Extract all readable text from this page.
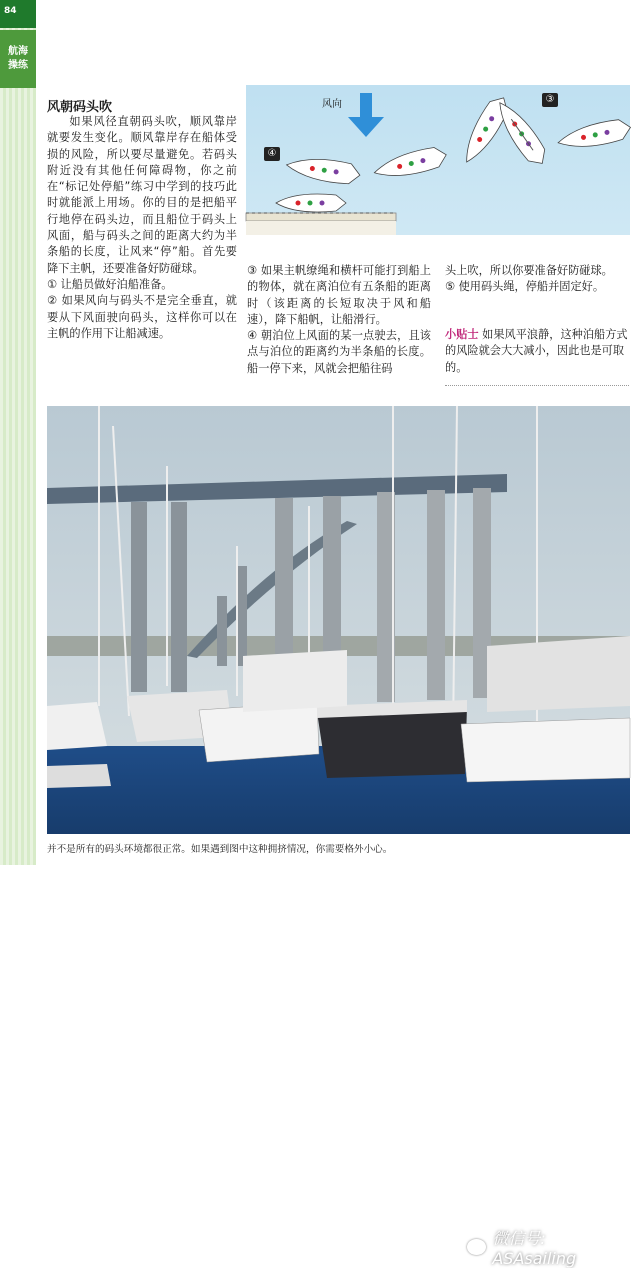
84
航海
操练
风朝码头吹

如果风径直朝码头吹，顺风靠岸就要发生变化。顺风靠岸存在船体受损的风险，所以要尽量避免。若码头附近没有其他任何障碍物，你之前在“标记处停船”练习中学到的技巧此时就能派上用场。你的目的是把船平行地停在码头边，而且船位于码头上风面，船与码头之间的距离大约为半条船的长度，让风来“停”船。首先要降下主帆，还要准备好防碰球。

① 让船员做好泊船准备。

② 如果风向与码头不是完全垂直，就要从下风面驶向码头，这样你可以在主帆的作用下让船减速。

③ 如果主帆缭绳和横杆可能打到船上的物体，就在离泊位有五条船的距离时（该距离的长短取决于风和船速），降下船帆，让船滑行。

④ 朝泊位上风面的某一点驶去，且该点与泊位的距离约为半条船的长度。船一停下来，风就会把船往码

头上吹，所以你要准备好防碰球。

⑤ 使用码头绳，停船并固定好。

小贴士 如果风平浪静，这种泊船方式的风险就会大大减小，因此也是可取的。
风向	③
④
微信号: ASAsailing
并不是所有的码头环境都很正常。如果遇到图中这种拥挤情况，你需要格外小心。
